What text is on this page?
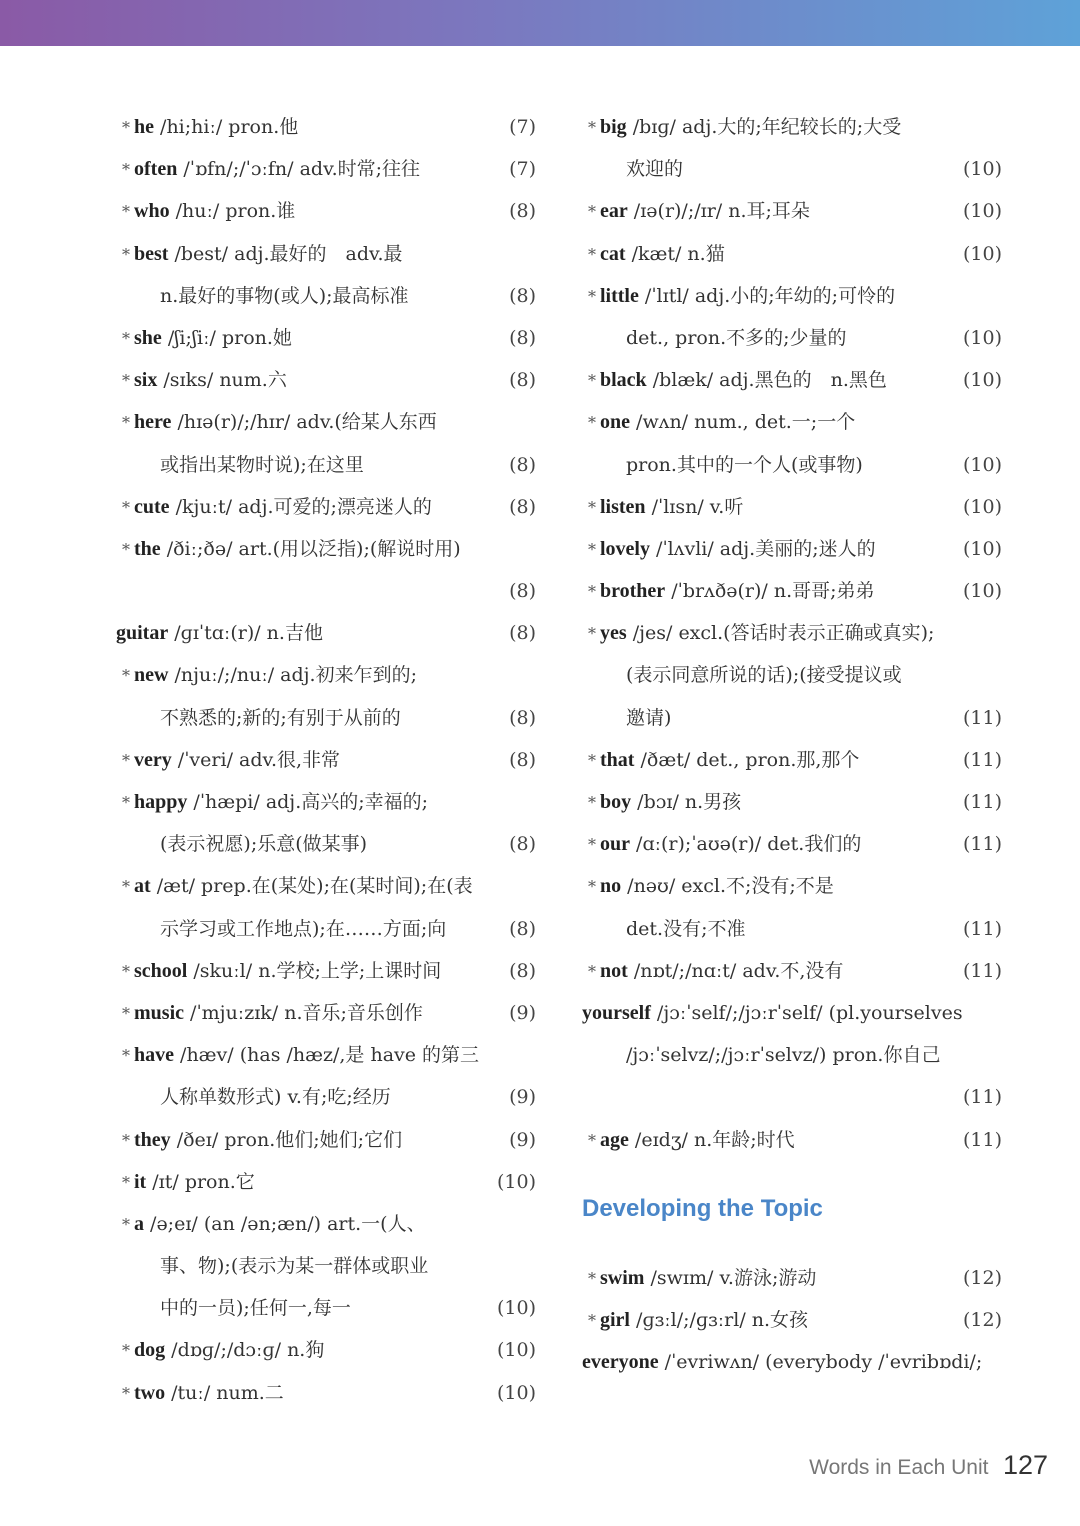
* he /hi;hiː/ pron.他	(7)
* often /ˈɒfn/;/ˈɔːfn/ adv.时常;往往	(7)
* who /huː/ pron.谁	(8)
* best /best/ adj.最好的　adv.最
n.最好的事物(或人);最高标准	(8)
* she /ʃi;ʃiː/ pron.她	(8)
* six /sɪks/ num.六	(8)
* here /hɪə(r)/;/hɪr/ adv.(给某人东西
或指出某物时说);在这里	(8)
* cute /kjuːt/ adj.可爱的;漂亮迷人的	(8)
* the /ðiː;ðə/ art.(用以泛指);(解说时用)
(8)
guitar /ɡɪˈtɑː(r)/ n.吉他	(8)
* new /njuː/;/nuː/ adj.初来乍到的;
不熟悉的;新的;有别于从前的	(8)
* very /ˈveri/ adv.很,非常	(8)
* happy /ˈhæpi/ adj.高兴的;幸福的;
(表示祝愿);乐意(做某事)	(8)
* at /æt/ prep.在(某处);在(某时间);在(表
示学习或工作地点);在……方面;向	(8)
* school /skuːl/ n.学校;上学;上课时间	(8)
* music /ˈmjuːzɪk/ n.音乐;音乐创作	(9)
* have /hæv/ (has /hæz/,是 have 的第三
人称单数形式) v.有;吃;经历	(9)
* they /ðeɪ/ pron.他们;她们;它们	(9)
* it /ɪt/ pron.它	(10)
* a /ə;eɪ/ (an /ən;æn/) art.一(人、
事、物);(表示为某一群体或职业
中的一员);任何一,每一	(10)
* dog /dɒɡ/;/dɔːɡ/ n.狗	(10)
* two /tuː/ num.二	(10)
* big /bɪɡ/ adj.大的;年纪较长的;大受
欢迎的	(10)
* ear /ɪə(r)/;/ɪr/ n.耳;耳朵	(10)
* cat /kæt/ n.猫	(10)
* little /ˈlɪtl/ adj.小的;年幼的;可怜的
det., pron.不多的;少量的	(10)
* black /blæk/ adj.黑色的　n.黑色	(10)
* one /wʌn/ num., det.一;一个
pron.其中的一个人(或事物)	(10)
* listen /ˈlɪsn/ v.听	(10)
* lovely /ˈlʌvli/ adj.美丽的;迷人的	(10)
* brother /ˈbrʌðə(r)/ n.哥哥;弟弟	(10)
* yes /jes/ excl.(答话时表示正确或真实);
(表示同意所说的话);(接受提议或
邀请)	(11)
* that /ðæt/ det., pron.那,那个	(11)
* boy /bɔɪ/ n.男孩	(11)
* our /ɑː(r);ˈaʊə(r)/ det.我们的	(11)
* no /nəʊ/ excl.不;没有;不是
det.没有;不准	(11)
* not /nɒt/;/nɑːt/ adv.不,没有	(11)
yourself /jɔːˈself/;/jɔːrˈself/ (pl.yourselves
/jɔːˈselvz/;/jɔːrˈselvz/) pron.你自己
(11)
* age /eɪdʒ/ n.年龄;时代	(11)
Developing the Topic
* swim /swɪm/ v.游泳;游动	(12)
* girl /ɡɜːl/;/ɡɜːrl/ n.女孩	(12)
everyone /ˈevriwʌn/ (everybody /ˈevribɒdi/;
Words in Each Unit 127
